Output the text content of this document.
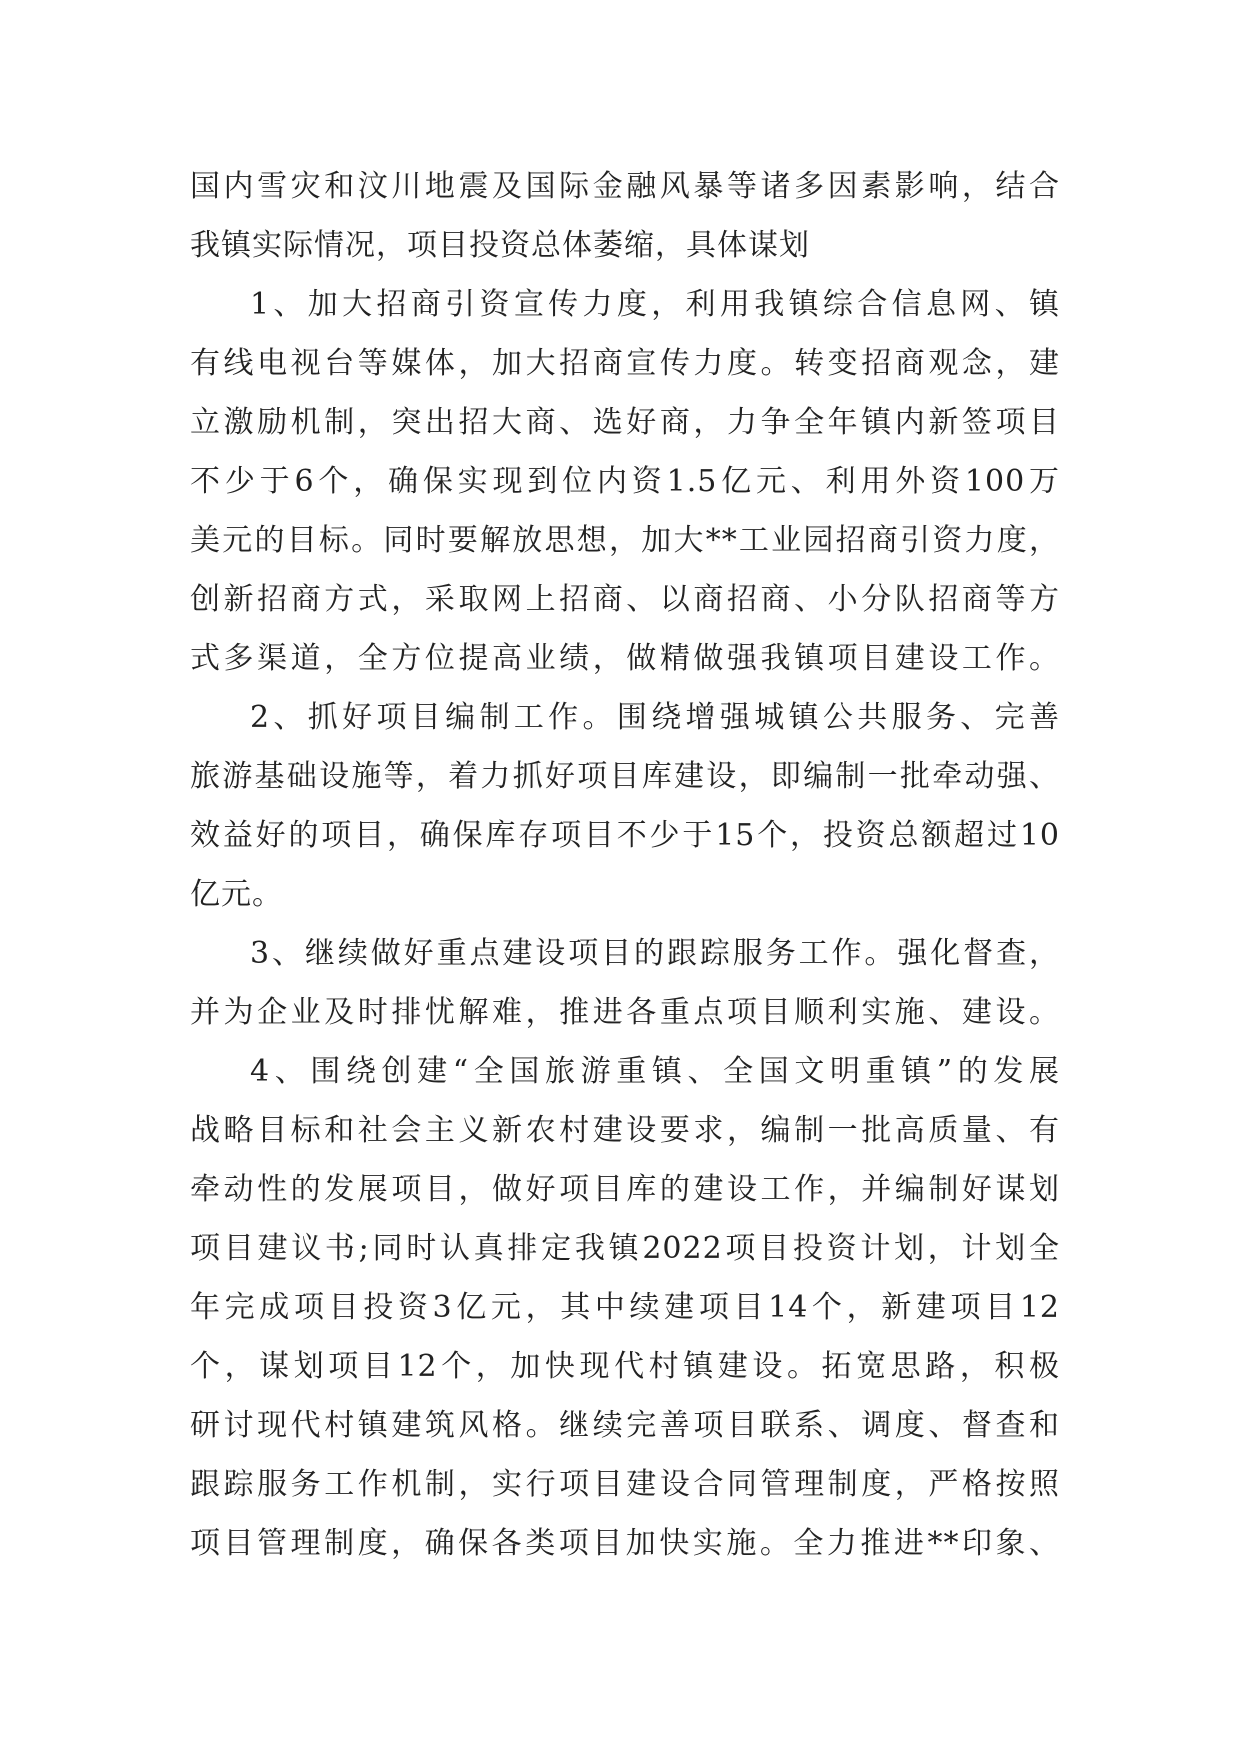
国内雪灾和汶川地震及国际金融风暴等诸多因素影响，结合
我镇实际情况，项目投资总体萎缩，具体谋划
1、加大招商引资宣传力度，利用我镇综合信息网、镇
有线电视台等媒体，加大招商宣传力度。转变招商观念，建
立激励机制，突出招大商、选好商，力争全年镇内新签项目
不少于6个，确保实现到位内资1.5亿元、利用外资100万
美元的目标。同时要解放思想，加大**工业园招商引资力度，
创新招商方式，采取网上招商、以商招商、小分队招商等方
式多渠道，全方位提高业绩，做精做强我镇项目建设工作。
2、抓好项目编制工作。围绕增强城镇公共服务、完善
旅游基础设施等，着力抓好项目库建设，即编制一批牵动强、
效益好的项目，确保库存项目不少于15个，投资总额超过10
亿元。
3、继续做好重点建设项目的跟踪服务工作。强化督查，
并为企业及时排忧解难，推进各重点项目顺利实施、建设。
4、围绕创建“全国旅游重镇、全国文明重镇”的发展
战略目标和社会主义新农村建设要求，编制一批高质量、有
牵动性的发展项目，做好项目库的建设工作，并编制好谋划
项目建议书;同时认真排定我镇2022项目投资计划，计划全
年完成项目投资3亿元，其中续建项目14个，新建项目12
个，谋划项目12个，加快现代村镇建设。拓宽思路，积极
研讨现代村镇建筑风格。继续完善项目联系、调度、督查和
跟踪服务工作机制，实行项目建设合同管理制度，严格按照
项目管理制度，确保各类项目加快实施。全力推进**印象、
